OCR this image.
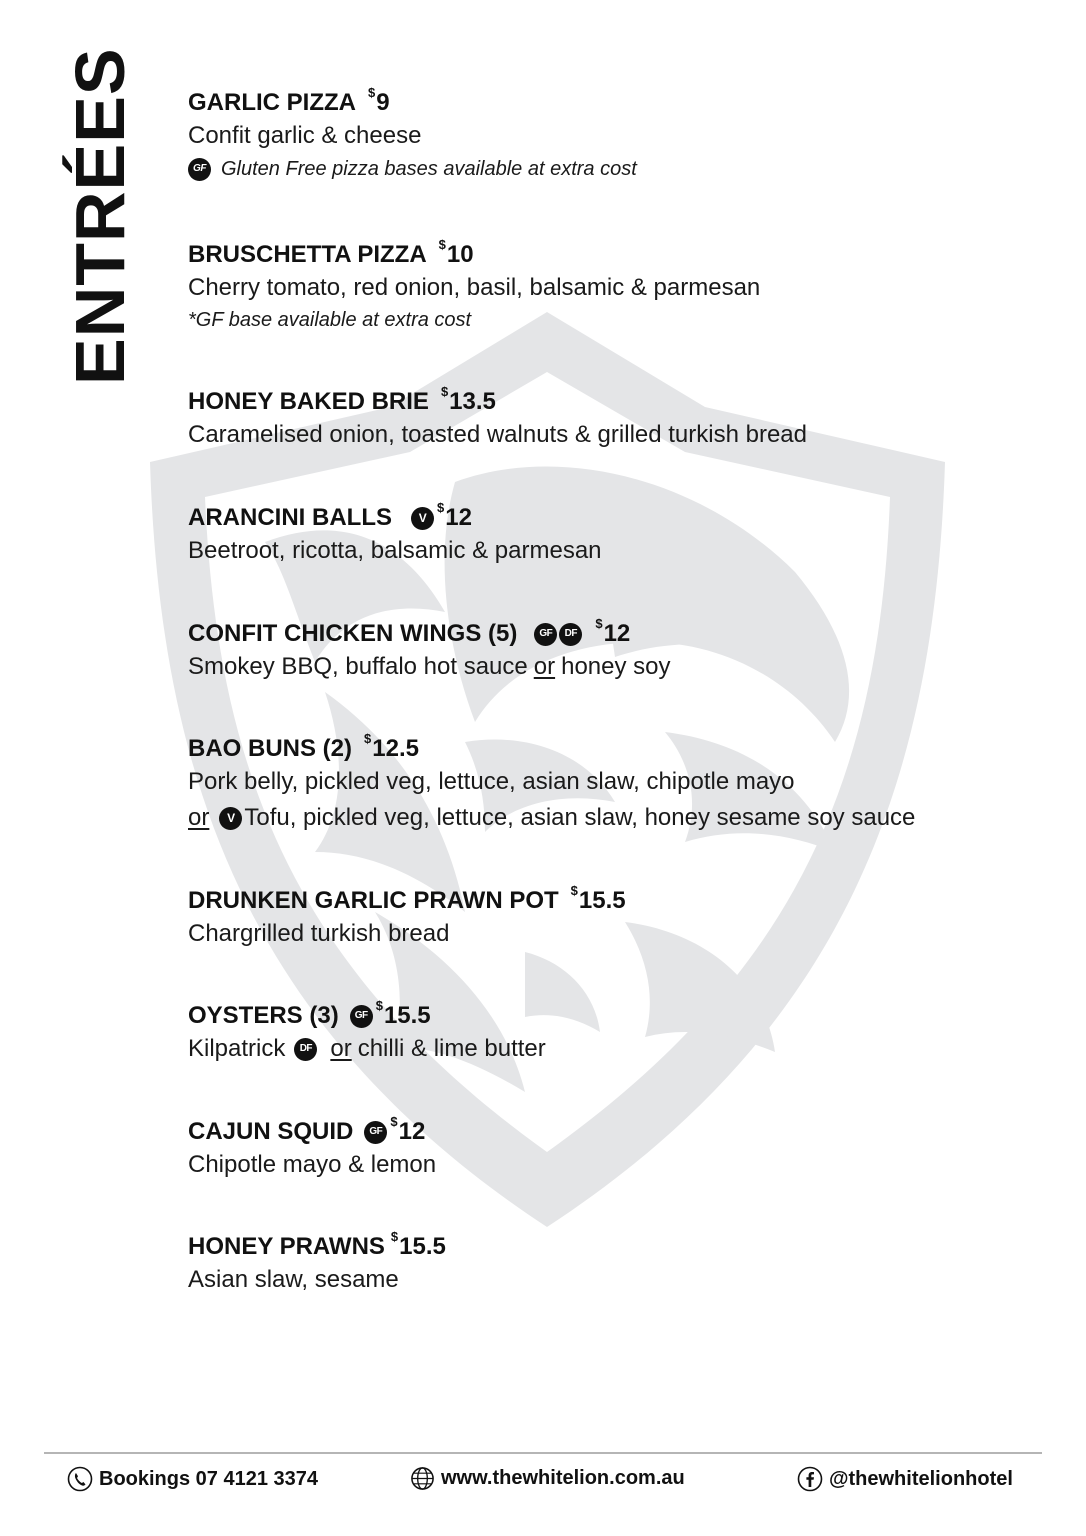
ENTRÉES GARLIC PIZZA $ 9
Confit garlic & cheese
GF Gluten Free pizza bases available at extra cost
BRUSCHETTA PIZZA $ 10
Cherry tomato, red onion, basil, balsamic & parmesan
*GF base available at extra cost
HONEY BAKED BRIE $ 13.5
Caramelised onion, toasted walnuts & grilled turkish bread
ARANCINI BALLS	V
$ 12
Beetroot, ricotta, balsamic & parmesan
CONFIT CHICKEN WINGS (5)	GF	DF
$ 12
Smokey BBQ, buffalo hot sauce or honey soy
BAO BUNS (2) $ 12.5
Pork belly, pickled veg, lettuce, asian slaw, chipotle mayo
or	V Tofu, pickled veg, lettuce, asian slaw, honey sesame soy sauce
DRUNKEN GARLIC PRAWN POT $ 15.5
Chargrilled turkish bread
OYSTERS (3)	GF
$ 15.5
Kilpatrick	DF or chilli & lime butter
CAJUN SQUID	GF
$ 12
Chipotle mayo & lemon
HONEY PRAWNS $ 15.5
Asian slaw, sesame
Bookings 07 4121 3374	www.thewhitelion.com.au	@thewhitelionhotel
